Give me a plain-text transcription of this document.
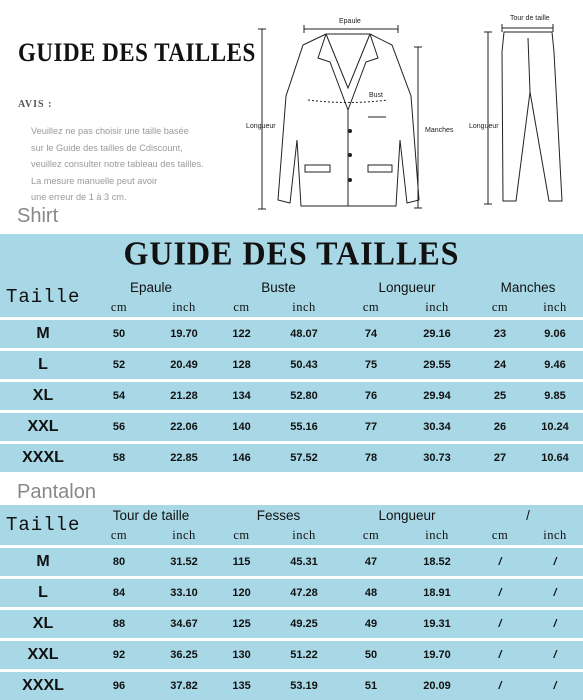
GUIDE DES TAILLES
AVIS :
Veuillez ne pas choisir une taille basée
sur le Guide des tailles de Cdiscount,
veuillez consulter notre tableau des tailles.
La mesure manuelle peut avoir
une erreur de 1 à 3 cm.
Epaule
Bust
Longueur
Manches
Tour de taille
Longueur
Shirt
GUIDE DES TAILLES
Taille	Epaule		Buste		Longueur		Manches	
	cm	inch	cm	inch	cm	inch	cm	inch
M	50	19.70	122	48.07	74	29.16	23	9.06
L	52	20.49	128	50.43	75	29.55	24	9.46
XL	54	21.28	134	52.80	76	29.94	25	9.85
XXL	56	22.06	140	55.16	77	30.34	26	10.24
XXXL	58	22.85	146	57.52	78	30.73	27	10.64
Pantalon
Taille	Tour de taille		Fesses		Longueur		/	
	cm	inch	cm	inch	cm	inch	cm	inch
M	80	31.52	115	45.31	47	18.52	/	/
L	84	33.10	120	47.28	48	18.91	/	/
XL	88	34.67	125	49.25	49	19.31	/	/
XXL	92	36.25	130	51.22	50	19.70	/	/
XXXL	96	37.82	135	53.19	51	20.09	/	/
